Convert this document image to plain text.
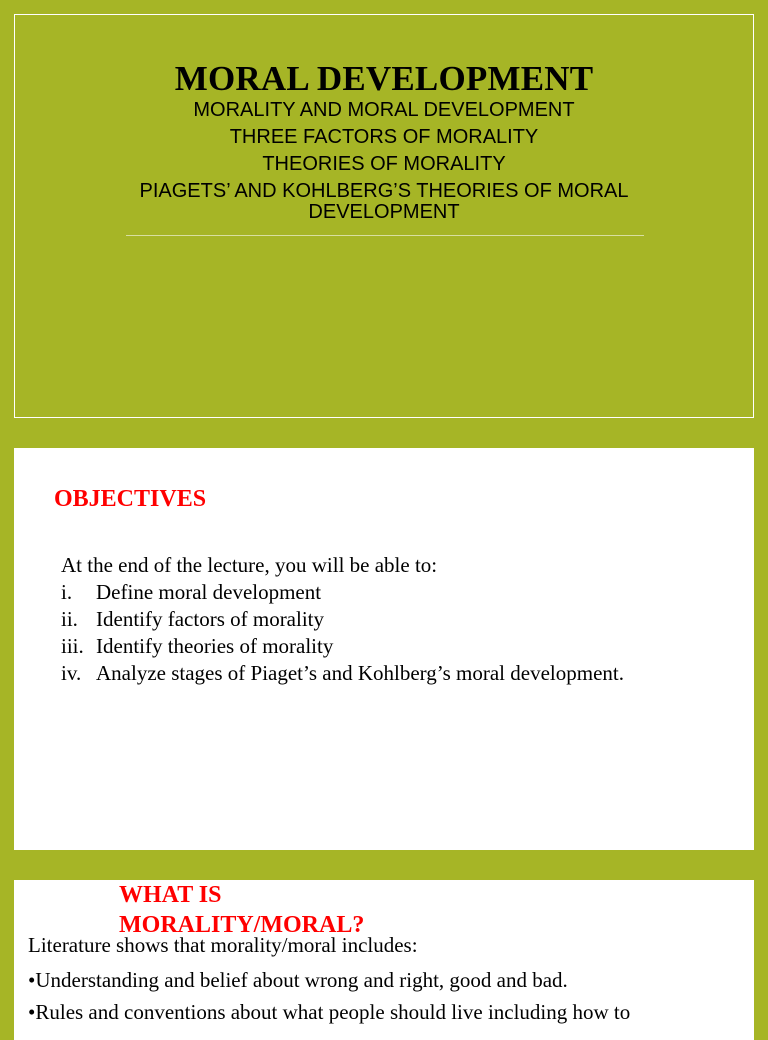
MORAL DEVELOPMENT
MORALITY AND MORAL DEVELOPMENT
THREE FACTORS OF MORALITY
THEORIES OF MORALITY
PIAGETS’ AND KOHLBERG’S THEORIES OF MORAL
DEVELOPMENT
OBJECTIVES
At the end of the lecture, you will be able to:
i. Define moral development
ii. Identify factors of morality
iii. Identify theories of morality
iv. Analyze stages of Piaget’s and Kohlberg’s moral development.
WHAT IS
MORALITY/MORAL?
Literature shows that morality/moral includes:
•Understanding and belief about wrong and right, good and bad.
•Rules and conventions about what people should live including how to
